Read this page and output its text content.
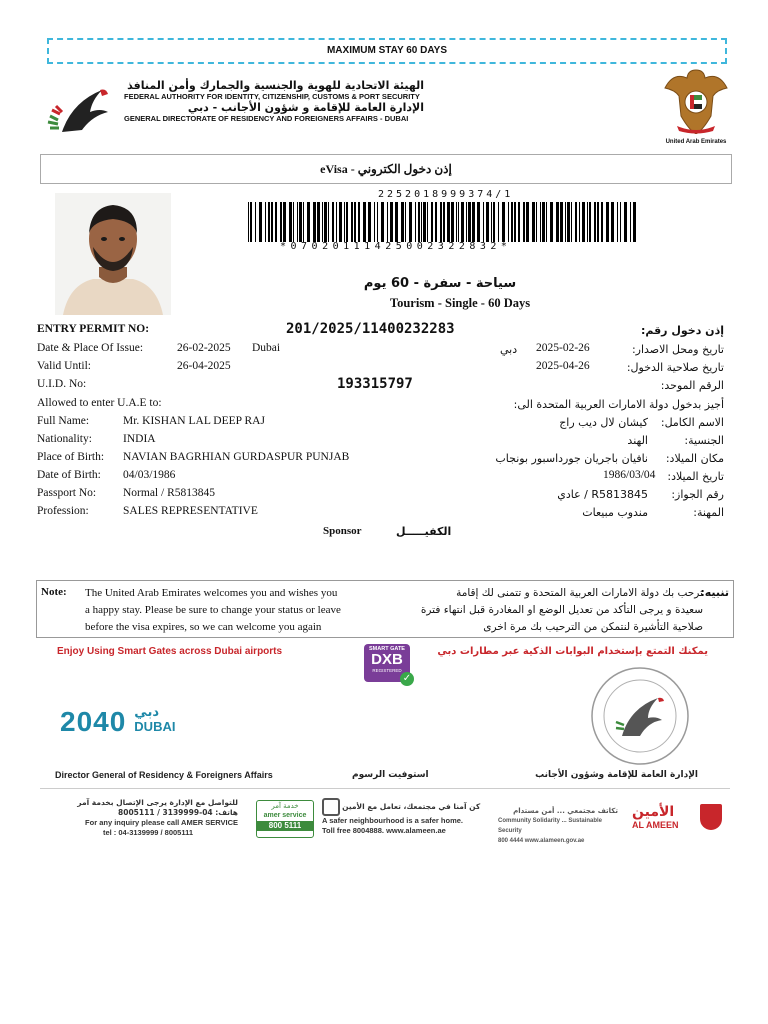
MAXIMUM STAY 60 DAYS
الهيئة الاتحادية للهوية والجنسية والجمارك وأمن المنافذ
FEDERAL AUTHORITY FOR IDENTITY, CITIZENSHIP, CUSTOMS & PORT SECURITY
الإدارة العامة للإقامة و شؤون الأجانب - دبي
GENERAL DIRECTORATE OF RESIDENCY AND FOREIGNERS AFFAIRS - DUBAI
United Arab Emirates
eVisa - إذن دخول الكتروني
2252018999374/1
*07020111425002322832*
سياحة - سفرة - 60 يوم
Tourism - Single - 60 Days
ENTRY PERMIT NO:	201/2025/11400232283	إذن دخول رقم:
Date & Place Of Issue:	26-02-2025 Dubai	دبي 2025-02-26	تاريخ ومحل الاصدار:
Valid Until:	26-04-2025	2025-04-26	تاريخ صلاحية الدخول:
U.I.D. No:	193315797	الرقم الموحد:
Allowed to enter U.A.E to:	أجيز بدخول دولة الامارات العربية المتحدة الى:
Full Name:	Mr. KISHAN LAL DEEP RAJ	كيشان لال ديب راج الاسم الكامل:
Nationality:	INDIA	الهند	الجنسية:
Place of Birth: NAVIAN BAGRHIAN GURDASPUR PUNJAB	نافيان باجريان جورداسبور بونجاب مكان الميلاد:
Date of Birth: 04/03/1986	1986/03/04 تاريخ الميلاد:
Passport No: Normal / R5813845	R5813845 / عادي رقم الجواز:
Profession:	SALES REPRESENTATIVE	مندوب مبيعات	المهنة:
Sponsor	الكفيـــــل
Note: The United Arab Emirates welcomes you and wishes you
a happy stay. Please be sure to change your status or leave
before the visa expires, so we can welcome you again
تنبيه:
ترحب بك دولة الامارات العربية المتحدة و تتمنى لك إقامة
سعيدة و يرجى التأكد من تعديل الوضع او المغادرة قبل انتهاء فترة
صلاحية التأشيرة لنتمكن من الترحيب بك مرة اخرى
Enjoy Using Smart Gates across Dubai airports	SMART GATE
DXB
REGISTERED
✓
يمكنك التمتع بإستخدام البوابات الذكية عبر مطارات دبي
2040 دبي
DUBAI
Director General of Residency & Foreigners Affairs	استوفيت الرسوم	الإدارة العامة للإقامة وشؤون الأجانب
للتواصل مع الإدارة يرجى الإتصال بخدمة آمر
هاتف: 04-3139999 / 8005111
For any inquiry please call AMER SERVICE
tel : 04-3139999 / 8005111
خدمة آمر
amer service
800 5111
كن آمنا في مجتمعك، تعامل مع الأمين
A safer neighbourhood is a safer home.
Toll free 8004888. www.alameen.ae
تكاتف مجتمعي ... أمن مستدام
Community Solidarity ... Sustainable Security
800 4444 www.alameen.gov.ae
الأمين
AL AMEEN
